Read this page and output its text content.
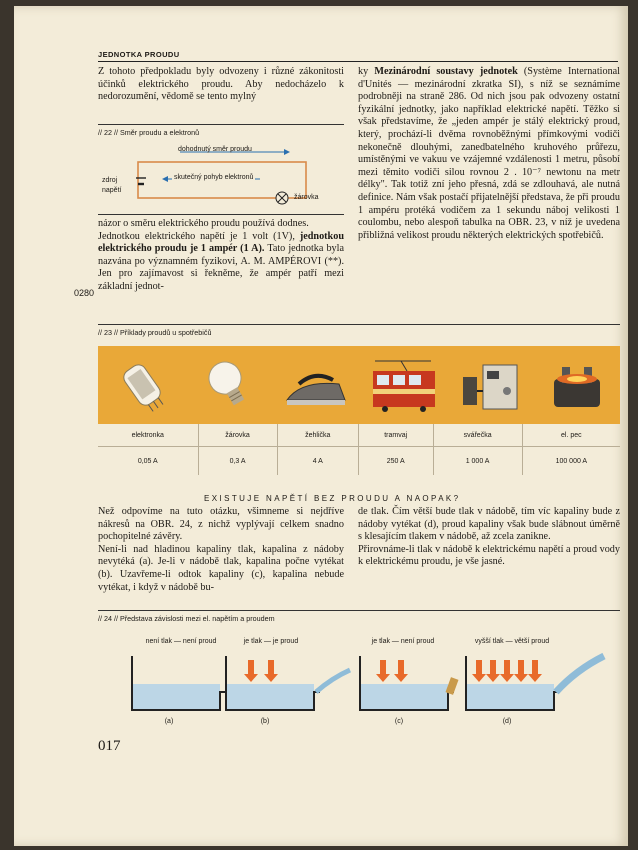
JEDNOTKA PROUDU

Z tohoto předpokladu byly odvozeny i různé zákonitosti účinků elektrického proudu. Aby nedocházelo k nedorozumění, vědomě se tento mylný

// 22 // Směr proudu a elektronů
dohodnutý směr proudu
skutečný pohyb elektronů
zdroj napětí
žárovka

názor o směru elektrického proudu používá dodnes.

Jednotkou elektrického napětí je 1 volt (1V), jednotkou elektrického proudu je 1 ampér (1 A). Tato jednotka byla nazvána po významném fyzikovi, A. M. AMPÉROVI (**). Jen pro zajímavost si řekněme, že ampér patří mezi základní jednot-

0280

ky Mezinárodní soustavy jednotek (Système International d'Unités — mezinárodní zkratka SI), s níž se seznámíme podrobněji na straně 286. Od nich jsou pak odvozeny ostatní fyzikální jednotky, jako například elektrické napětí. Těžko si však představíme, že „jeden ampér je stálý elektrický proud, který, prochází-li dvěma rovnoběžnými přímkovými vodiči nekonečně dlouhými, zanedbatelného kruhového průřezu, umístěnými ve vakuu ve vzájemné vzdálenosti 1 metru, působí mezi těmito vodiči silou rovnou 2 . 10⁻⁷ newtonu na metr délky". Tak totiž zní jeho přesná, zdá se zdlouhavá, ale nutná definice. Nám však postačí přijatelnější představa, že při proudu 1 ampéru protéká vodičem za 1 sekundu náboj velikosti 1 coulombu, nebo alespoň tabulka na OBR. 23, v níž je uvedena přibližná velikost proudu některých elektrických spotřebičů.

// 23 // Příklady proudů u spotřebičů
elektronka	žárovka	žehlička	tramvaj	svářečka	el. pec
0,05 A	0,3 A	4 A	250 A	1 000 A	100 000 A
EXISTUJE NAPĚTÍ BEZ PROUDU A NAOPAK?

Než odpovíme na tuto otázku, všimneme si nejdříve nákresů na OBR. 24, z nichž vyplývají celkem snadno pochopitelné závěry.

Není-li nad hladinou kapaliny tlak, kapalina z nádoby nevytéká (a). Je-li v nádobě tlak, kapalina počne vytékat (b). Uzavřeme-li odtok kapaliny (c), kapalina nebude vytékat, i když v nádobě bu-

de tlak. Čím větší bude tlak v nádobě, tím víc kapaliny bude z nádoby vytékat (d), proud kapaliny však bude slábnout úměrně s klesajícím tlakem v nádobě, až zcela zanikne.

Přirovnáme-li tlak v nádobě k elektrickému napětí a proud vody k elektrickému proudu, je vše jasné.

// 24 // Představa závislosti mezi el. napětím a proudem
není tlak — není proud	je tlak — je proud	je tlak — není proud	vyšší tlak — větší proud
(a)	(b)	(c)	(d)
017
